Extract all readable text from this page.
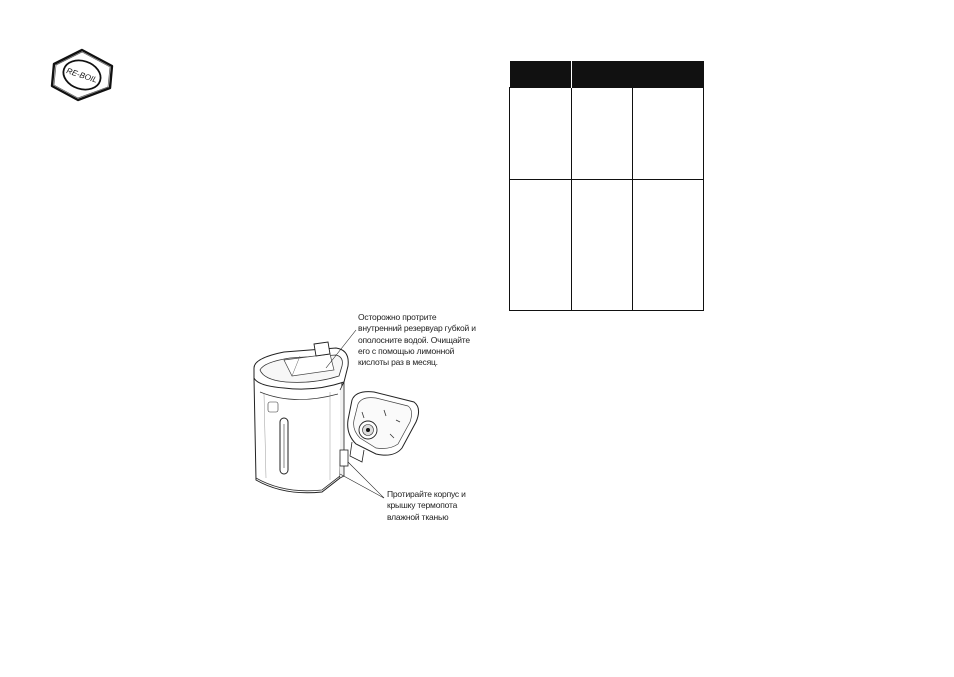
RE-BOIL
Осторожно протрите
внутренний резервуар губкой и
ополосните водой. Очищайте
его с помощью лимонной
кислоты раз в месяц.
Протирайте корпус и
крышку термопота
влажной тканью
